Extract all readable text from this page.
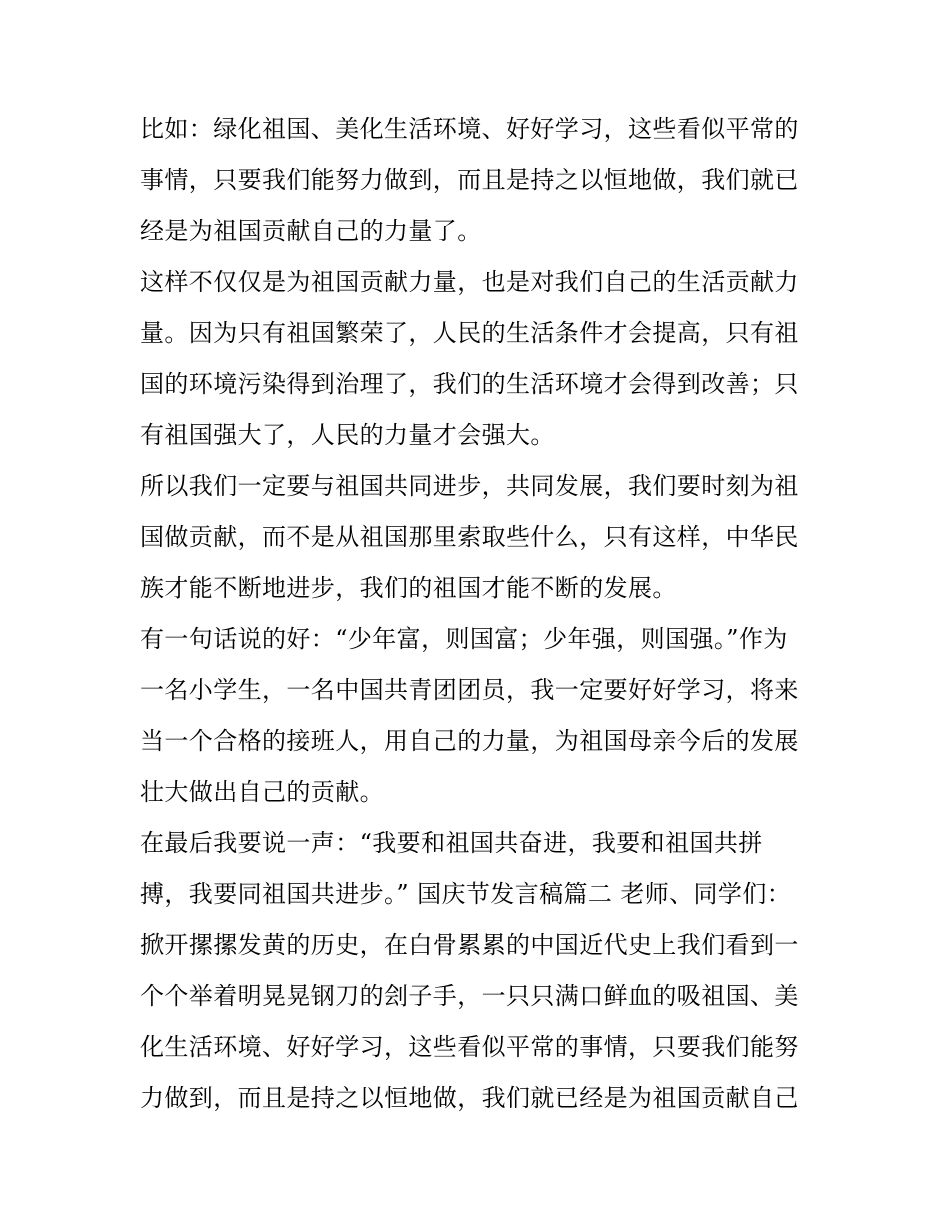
比如：绿化祖国、美化生活环境、好好学习，这些看似平常的
事情，只要我们能努力做到，而且是持之以恒地做，我们就已
经是为祖国贡献自己的力量了。
这样不仅仅是为祖国贡献力量，也是对我们自己的生活贡献力
量。因为只有祖国繁荣了，人民的生活条件才会提高，只有祖
国的环境污染得到治理了，我们的生活环境才会得到改善；只
有祖国强大了，人民的力量才会强大。
所以我们一定要与祖国共同进步，共同发展，我们要时刻为祖
国做贡献，而不是从祖国那里索取些什么，只有这样，中华民
族才能不断地进步，我们的祖国才能不断的发展。
有一句话说的好：“少年富，则国富；少年强，则国强。”作为
一名小学生，一名中国共青团团员，我一定要好好学习，将来
当一个合格的接班人，用自己的力量，为祖国母亲今后的发展
壮大做出自己的贡献。
在最后我要说一声：“我要和祖国共奋进，我要和祖国共拼
搏，我要同祖国共进步。” 国庆节发言稿篇二 老师、同学们：
掀开摞摞发黄的历史，在白骨累累的中国近代史上我们看到一
个个举着明晃晃钢刀的刽子手，一只只满口鲜血的吸祖国、美
化生活环境、好好学习，这些看似平常的事情，只要我们能努
力做到，而且是持之以恒地做，我们就已经是为祖国贡献自己
